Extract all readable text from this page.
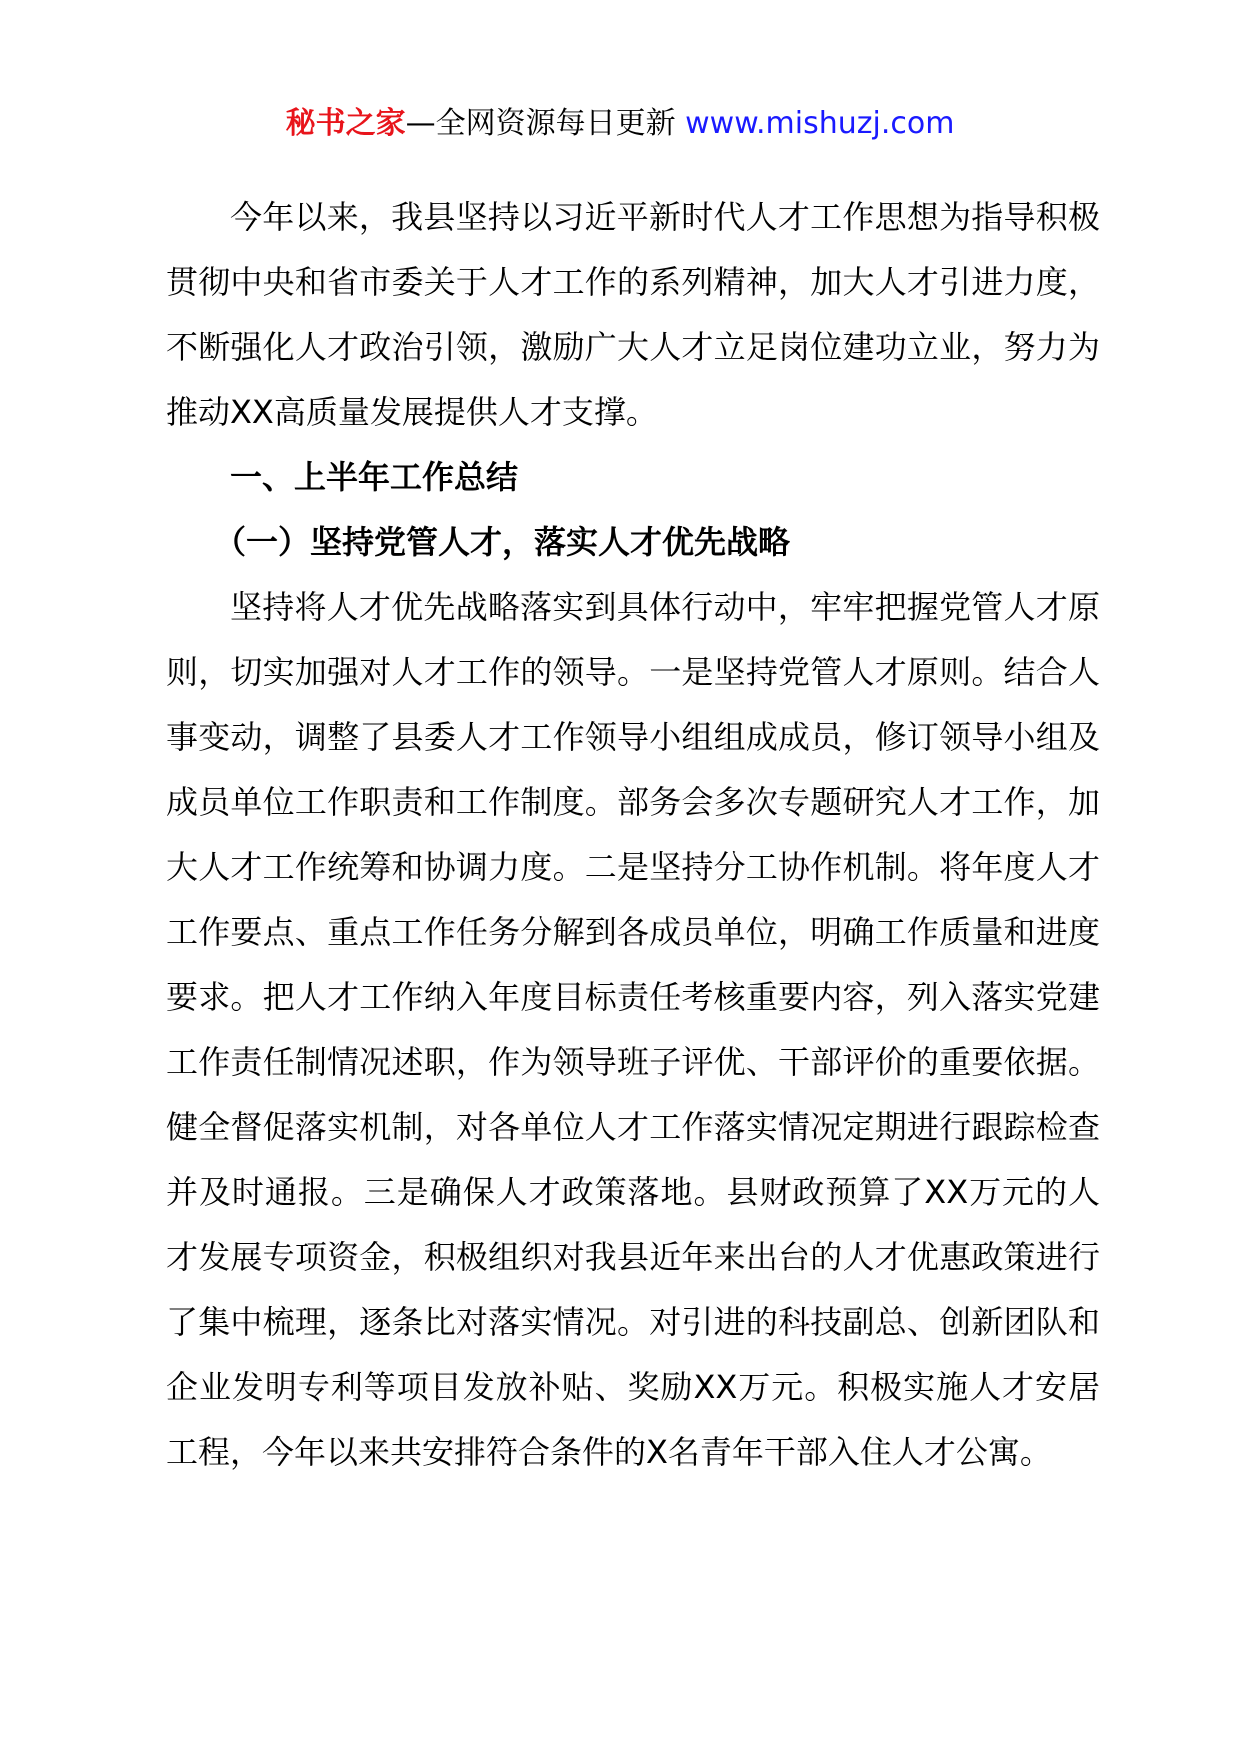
秘书之家—全网资源每日更新 www.mishuzj.com

今年以来，我县坚持以习近平新时代人才工作思想为指导积极贯彻中央和省市委关于人才工作的系列精神，加大人才引进力度，不断强化人才政治引领，激励广大人才立足岗位建功立业，努力为推动XX高质量发展提供人才支撑。

一、上半年工作总结
（一）坚持党管人才，落实人才优先战略

坚持将人才优先战略落实到具体行动中，牢牢把握党管人才原则，切实加强对人才工作的领导。一是坚持党管人才原则。结合人事变动，调整了县委人才工作领导小组组成成员，修订领导小组及成员单位工作职责和工作制度。部务会多次专题研究人才工作，加大人才工作统筹和协调力度。二是坚持分工协作机制。将年度人才工作要点、重点工作任务分解到各成员单位，明确工作质量和进度要求。把人才工作纳入年度目标责任考核重要内容，列入落实党建工作责任制情况述职，作为领导班子评优、干部评价的重要依据。健全督促落实机制，对各单位人才工作落实情况定期进行跟踪检查并及时通报。三是确保人才政策落地。县财政预算了XX万元的人才发展专项资金，积极组织对我县近年来出台的人才优惠政策进行了集中梳理，逐条比对落实情况。对引进的科技副总、创新团队和企业发明专利等项目发放补贴、奖励XX万元。积极实施人才安居工程，今年以来共安排符合条件的X名青年干部入住人才公寓。
